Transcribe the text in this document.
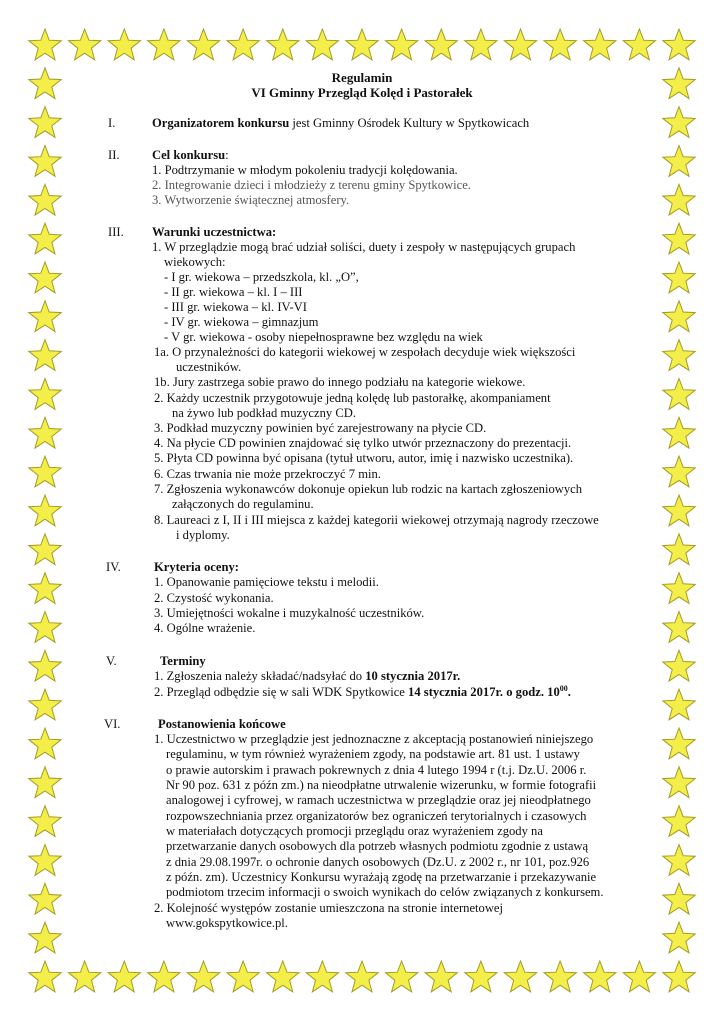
Regulamin
VI Gminny Przegląd Kolęd i Pastorałek
I.	Organizatorem konkursu jest Gminny Ośrodek Kultury w Spytkowicach
II.	Cel konkursu:
1. Podtrzymanie w młodym pokoleniu tradycji kolędowania.
2. Integrowanie dzieci i młodzieży z terenu gminy Spytkowice.
3. Wytworzenie świątecznej atmosfery.
III.	Warunki uczestnictwa:
1. W przeglądzie mogą brać udział soliści, duety i zespoły w następujących grupach
wiekowych:
- I gr. wiekowa – przedszkola, kl. „O”,
- II gr. wiekowa – kl. I – III
- III gr. wiekowa – kl. IV-VI
- IV gr. wiekowa – gimnazjum
- V gr. wiekowa - osoby niepełnosprawne bez względu na wiek
1a. O przynależności do kategorii wiekowej w zespołach decyduje wiek większości
uczestników.
1b. Jury zastrzega sobie prawo do innego podziału na kategorie wiekowe.
2. Każdy uczestnik przygotowuje jedną kolędę lub pastorałkę, akompaniament
na żywo lub podkład muzyczny CD.
3. Podkład muzyczny powinien być zarejestrowany na płycie CD.
4. Na płycie CD powinien znajdować się tylko utwór przeznaczony do prezentacji.
5. Płyta CD powinna być opisana (tytuł utworu, autor, imię i nazwisko uczestnika).
6. Czas trwania nie może przekroczyć 7 min.
7. Zgłoszenia wykonawców dokonuje opiekun lub rodzic na kartach zgłoszeniowych
załączonych do regulaminu.
8. Laureaci z I, II i III miejsca z każdej kategorii wiekowej otrzymają nagrody rzeczowe
i dyplomy.
IV.	Kryteria oceny:
1. Opanowanie pamięciowe tekstu i melodii.
2. Czystość wykonania.
3. Umiejętności wokalne i muzykalność uczestników.
4. Ogólne wrażenie.
V.	Terminy
1. Zgłoszenia należy składać/nadsyłać do 10 stycznia 2017r.
2. Przegląd odbędzie się w sali WDK Spytkowice 14 stycznia 2017r. o godz. $10^{00}$.
VI.	Postanowienia końcowe
1. Uczestnictwo w przeglądzie jest jednoznaczne z akceptacją postanowień niniejszego
regulaminu, w tym również wyrażeniem zgody, na podstawie art. 81 ust. 1 ustawy
o prawie autorskim i prawach pokrewnych z dnia 4 lutego 1994 r (t.j. Dz.U. 2006 r.
Nr 90 poz. 631 z późn zm.) na nieodpłatne utrwalenie wizerunku, w formie fotografii
analogowej i cyfrowej, w ramach uczestnictwa w przeglądzie oraz jej nieodpłatnego
rozpowszechniania przez organizatorów bez ograniczeń terytorialnych i czasowych
w materiałach dotyczących promocji przeglądu oraz wyrażeniem zgody na
przetwarzanie danych osobowych dla potrzeb własnych podmiotu zgodnie z ustawą
z dnia 29.08.1997r. o ochronie danych osobowych (Dz.U. z 2002 r., nr 101, poz.926
z późn. zm). Uczestnicy Konkursu wyrażają zgodę na przetwarzanie i przekazywanie
podmiotom trzecim informacji o swoich wynikach do celów związanych z konkursem.
2. Kolejność występów zostanie umieszczona na stronie internetowej
www.gokspytkowice.pl.
